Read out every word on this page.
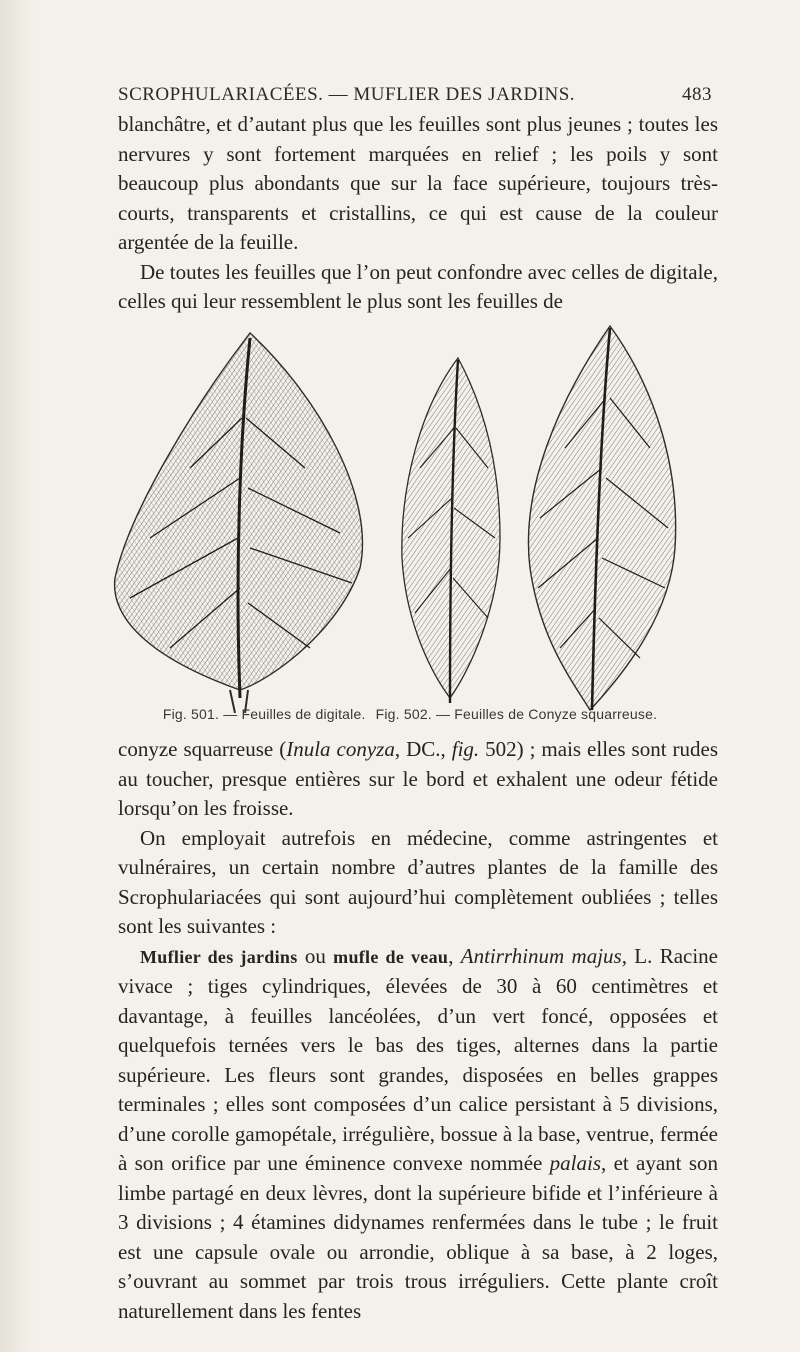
SCROPHULARIACÉES. — MUFLIER DES JARDINS.	483

blanchâtre, et d’autant plus que les feuilles sont plus jeunes ; toutes les nervures y sont fortement marquées en relief ; les poils y sont beaucoup plus abondants que sur la face supérieure, toujours très-courts, transparents et cristallins, ce qui est cause de la couleur argentée de la feuille.

De toutes les feuilles que l’on peut confondre avec celles de digitale, celles qui leur ressemblent le plus sont les feuilles de

Fig. 501. — Feuilles de digitale. Fig. 502. — Feuilles de Conyze squarreuse.

conyze squarreuse (Inula conyza, DC., fig. 502) ; mais elles sont rudes au toucher, presque entières sur le bord et exhalent une odeur fétide lorsqu’on les froisse.

On employait autrefois en médecine, comme astringentes et vulnéraires, un certain nombre d’autres plantes de la famille des Scrophulariacées qui sont aujourd’hui complètement oubliées ; telles sont les suivantes :

Muflier des jardins ou mufle de veau, Antirrhinum majus, L. Racine vivace ; tiges cylindriques, élevées de 30 à 60 centimètres et davantage, à feuilles lancéolées, d’un vert foncé, opposées et quelquefois ternées vers le bas des tiges, alternes dans la partie supérieure. Les fleurs sont grandes, disposées en belles grappes terminales ; elles sont composées d’un calice persistant à 5 divisions, d’une corolle gamopétale, irrégulière, bossue à la base, ventrue, fermée à son orifice par une éminence convexe nommée palais, et ayant son limbe partagé en deux lèvres, dont la supérieure bifide et l’inférieure à 3 divisions ; 4 étamines didynames renfermées dans le tube ; le fruit est une capsule ovale ou arrondie, oblique à sa base, à 2 loges, s’ouvrant au sommet par trois trous irréguliers. Cette plante croît naturellement dans les fentes
